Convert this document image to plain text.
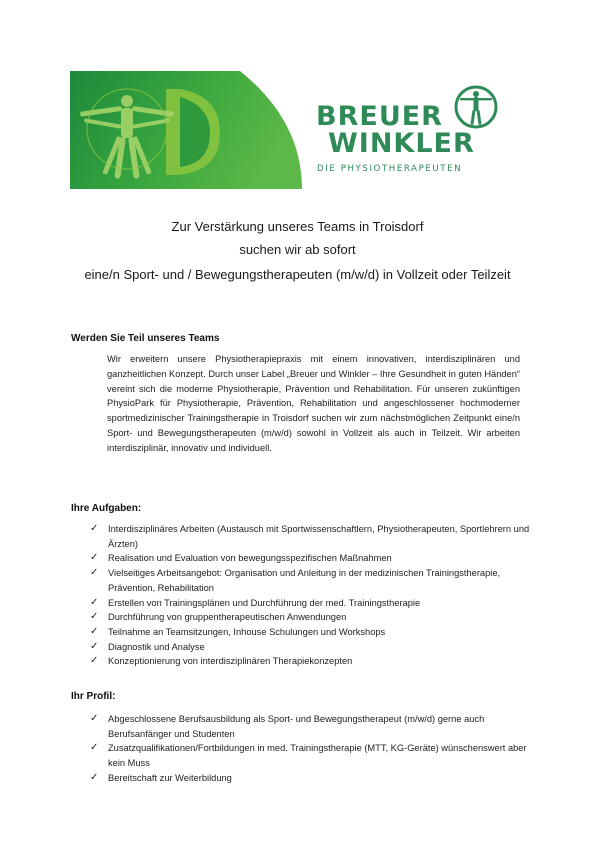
BREUER
WINKLER
DIE PHYSIOTHERAPEUTEN
Zur Verstärkung unseres Teams in Troisdorf
suchen wir ab sofort
eine/n Sport- und / Bewegungstherapeuten (m/w/d) in Vollzeit oder Teilzeit
Werden Sie Teil unseres Teams
Wir erweitern unsere Physiotherapiepraxis mit einem innovativen, interdisziplinären und ganzheitlichen Konzept. Durch unser Label „Breuer und Winkler – Ihre Gesundheit in guten Händen“ vereint sich die moderne Physiotherapie, Prävention und Rehabilitation. Für unseren zukünftigen PhysioPark für Physiotherapie, Prävention, Rehabilitation und angeschlossener hochmoderner sportmedizinischer Trainingstherapie in Troisdorf suchen wir zum nächstmöglichen Zeitpunkt eine/n Sport- und Bewegungstherapeuten (m/w/d) sowohl in Vollzeit als auch in Teilzeit. Wir arbeiten interdisziplinär, innovativ und individuell.
Ihre Aufgaben:
✓ Interdisziplinäres Arbeiten (Austausch mit Sportwissenschaftlern, Physiotherapeuten, Sportlehrern und Ärzten)
✓ Realisation und Evaluation von bewegungsspezifischen Maßnahmen
✓ Vielseitiges Arbeitsangebot: Organisation und Anleitung in der medizinischen Trainingstherapie, Prävention, Rehabilitation
✓ Erstellen von Trainingsplänen und Durchführung der med. Trainingstherapie
✓ Durchführung von gruppentherapeutischen Anwendungen
✓ Teilnahme an Teamsitzungen, Inhouse Schulungen und Workshops
✓ Diagnostik und Analyse
✓ Konzeptionierung von interdisziplinären Therapiekonzepten
Ihr Profil:
✓ Abgeschlossene Berufsausbildung als Sport- und Bewegungstherapeut (m/w/d) gerne auch Berufsanfänger und Studenten
✓ Zusatzqualifikationen/Fortbildungen in med. Trainingstherapie (MTT, KG-Geräte) wünschenswert aber kein Muss
✓ Bereitschaft zur Weiterbildung
